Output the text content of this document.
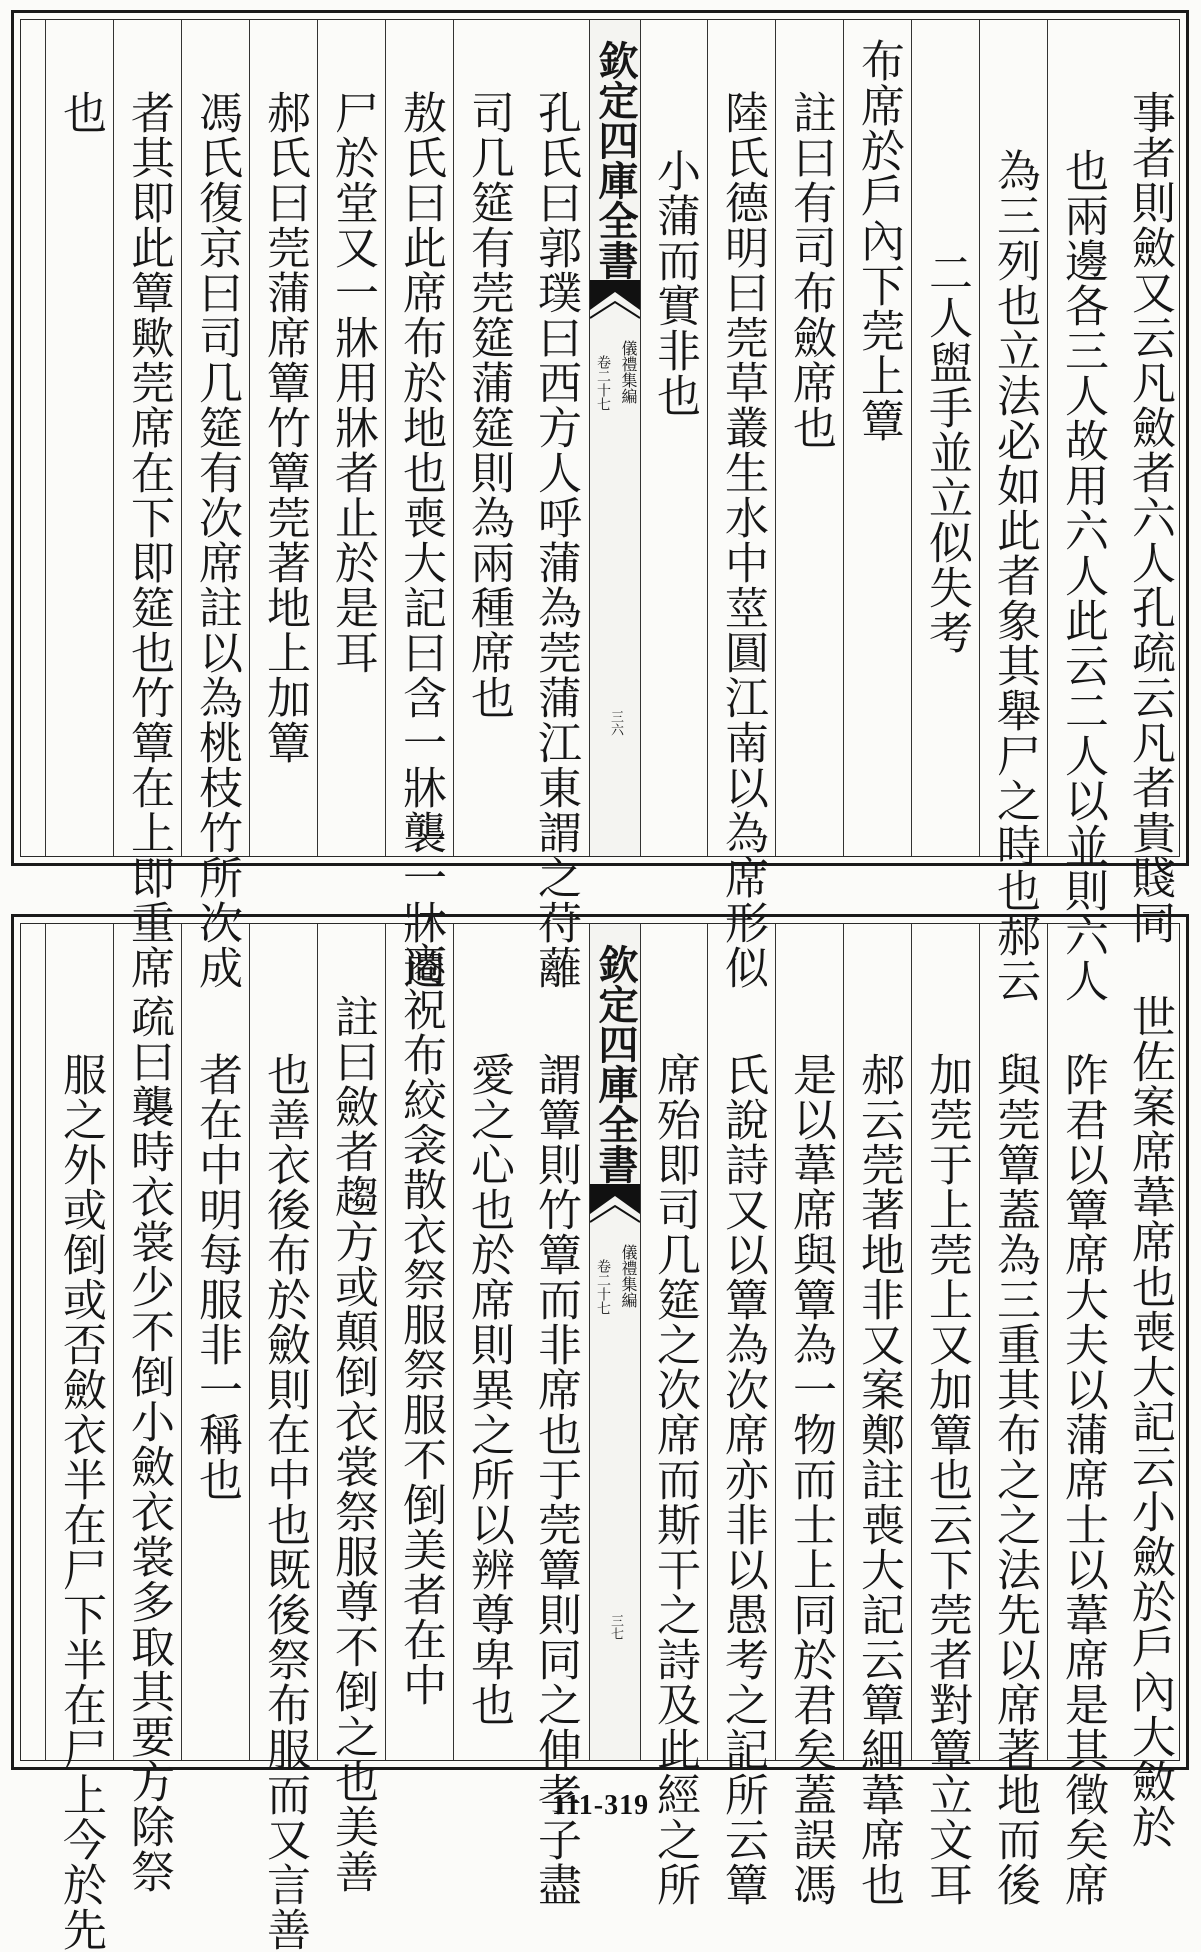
事者則斂又云凡斂者六人孔疏云凡者貴賤同
也兩邊各三人故用六人此云二人以並則六人
為三列也立法必如此者象其舉尸之時也郝云
二人盥手並立似失考
布席於戶內下莞上簟
註曰有司布斂席也
陸氏德明曰莞草叢生水中莖圓江南以為席形似
小蒲而實非也
欽定四庫全書
儀禮集編
卷二十七
三六
孔氏曰郭璞曰西方人呼蒲為莞蒲江東謂之苻蘺
司几筵有莞筵蒲筵則為兩種席也
敖氏曰此席布於地也喪大記曰含一牀襲一牀遷
尸於堂又一牀用牀者止於是耳
郝氏曰莞蒲席簟竹簟莞著地上加簟
馮氏復京曰司几筵有次席註以為桃枝竹所次成
者其即此簟歟莞席在下即筵也竹簟在上即重席
也
世佐案席葦席也喪大記云小斂於戶內大斂於
阼君以簟席大夫以蒲席士以葦席是其徵矣席
與莞簟蓋為三重其布之之法先以席著地而後
加莞于上莞上又加簟也云下莞者對簟立文耳
郝云莞著地非又案鄭註喪大記云簟細葦席也
是以葦席與簟為一物而士上同於君矣蓋誤馮
氏說詩又以簟為次席亦非以愚考之記所云簟
席殆即司几筵之次席而斯干之詩及此經之所
欽定四庫全書
儀禮集編
卷二十七
三七
謂簟則竹簟而非席也于莞簟則同之伸孝子盡
愛之心也於席則異之所以辨尊卑也
商祝布絞衾散衣祭服祭服不倒美者在中
註曰斂者趨方或顛倒衣裳祭服尊不倒之也美善
也善衣後布於斂則在中也既後祭布服而又言善
者在中明每服非一稱也
疏曰襲時衣裳少不倒小斂衣裳多取其要方除祭
服之外或倒或否斂衣半在尸下半在尸上今於先	111-319
